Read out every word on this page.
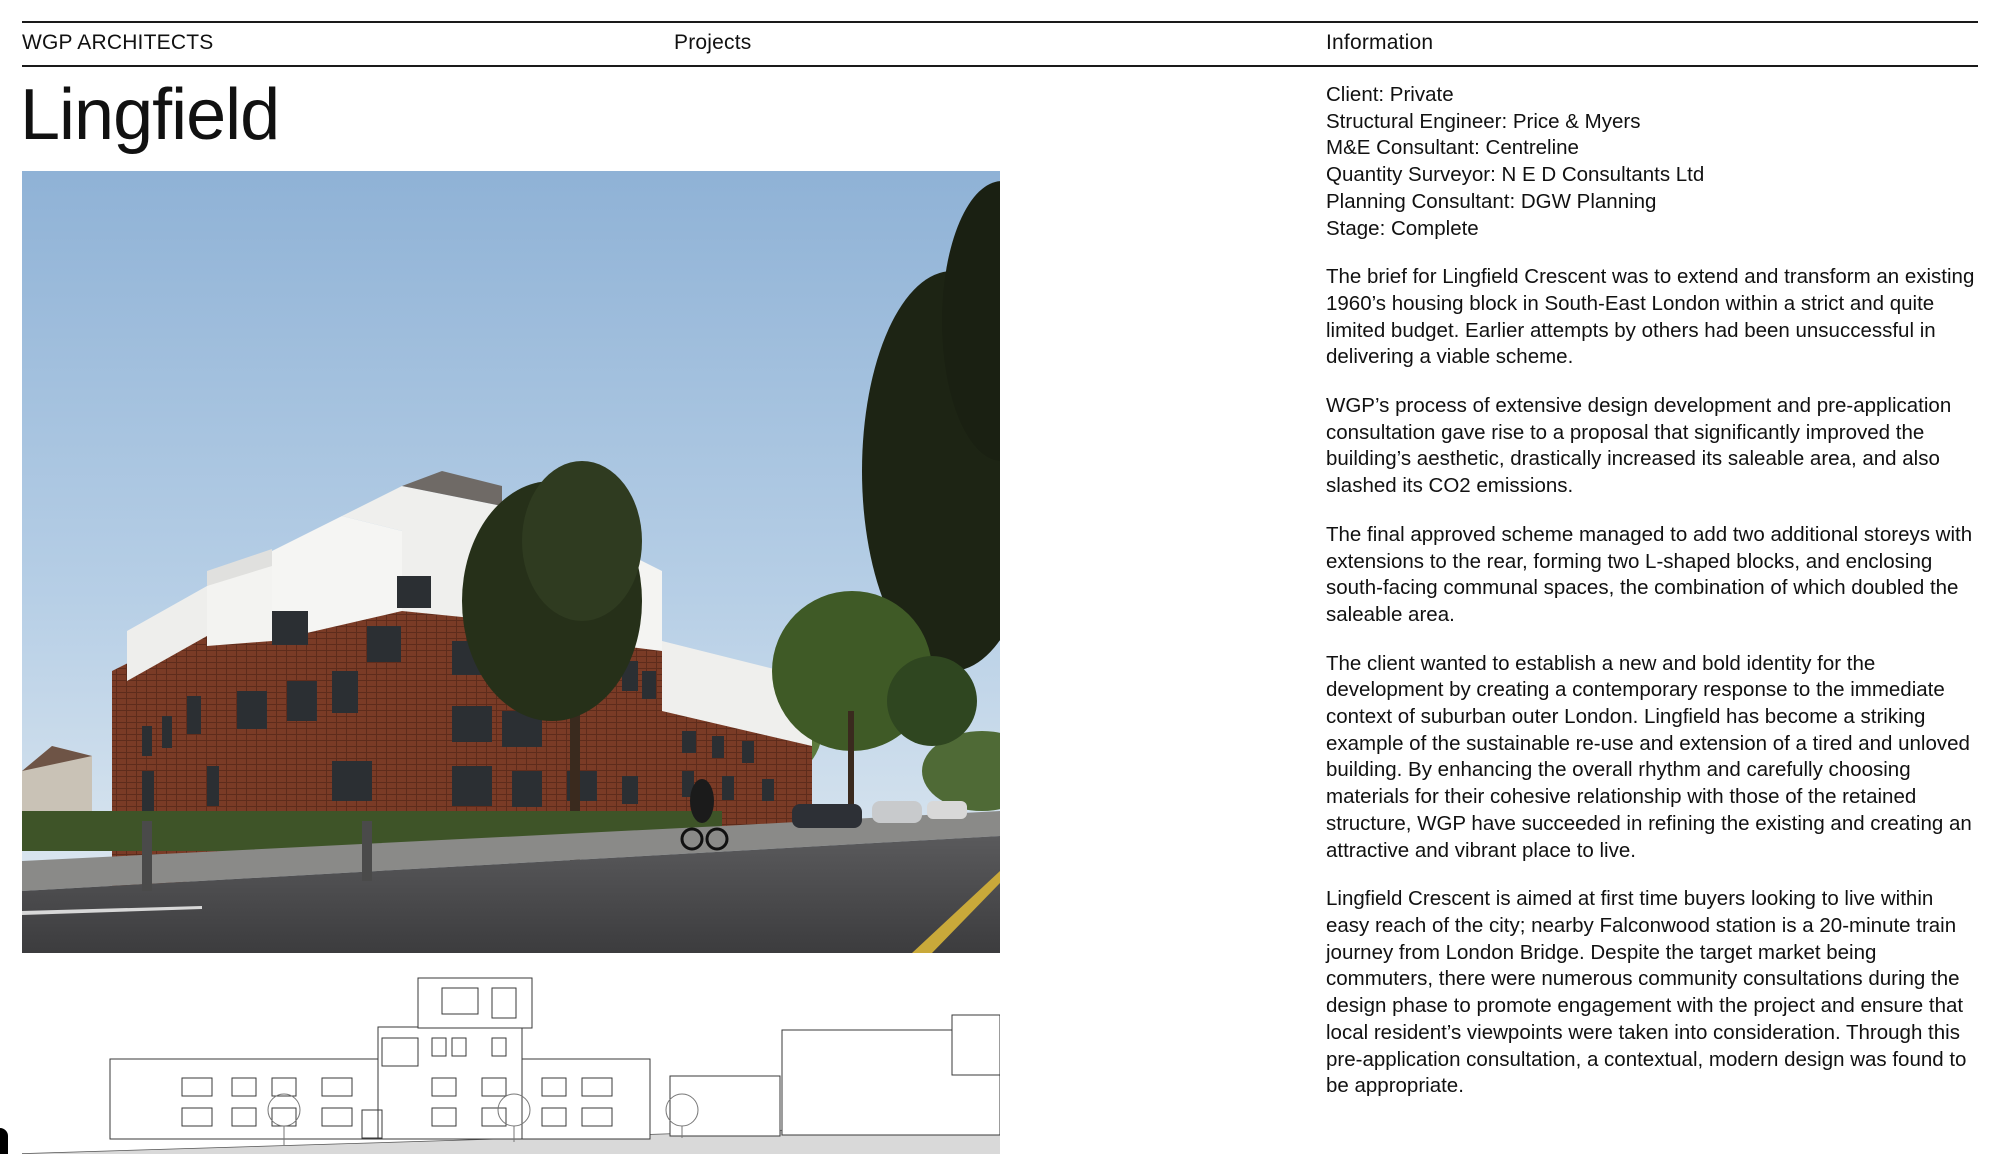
WGP ARCHITECTS	Projects	Information
Lingfield	Client: Private
Structural Engineer: Price & Myers
M&E Consultant: Centreline
Quantity Surveyor: N E D Consultants Ltd
Planning Consultant: DGW Planning
Stage: Complete

The brief for Lingfield Crescent was to extend and transform an existing 1960’s housing block in South-East London within a strict and quite limited budget. Earlier attempts by others had been unsuccessful in delivering a viable scheme.

WGP’s process of extensive design development and pre-application consultation gave rise to a proposal that significantly improved the building’s aesthetic, drastically increased its saleable area, and also slashed its CO2 emissions.

The final approved scheme managed to add two additional storeys with extensions to the rear, forming two L-shaped blocks, and enclosing south-facing communal spaces, the combination of which doubled the saleable area.

The client wanted to establish a new and bold identity for the development by creating a contemporary response to the immediate context of suburban outer London. Lingfield has become a striking example of the sustainable re-use and extension of a tired and unloved building. By enhancing the overall rhythm and carefully choosing materials for their cohesive relationship with those of the retained structure, WGP have succeeded in refining the existing and creating an attractive and vibrant place to live.

Lingfield Crescent is aimed at first time buyers looking to live within easy reach of the city; nearby Falconwood station is a 20-minute train journey from London Bridge. Despite the target market being commuters, there were numerous community consultations during the design phase to promote engagement with the project and ensure that local resident’s viewpoints were taken into consideration. Through this pre-application consultation, a contextual, modern design was found to be appropriate.
